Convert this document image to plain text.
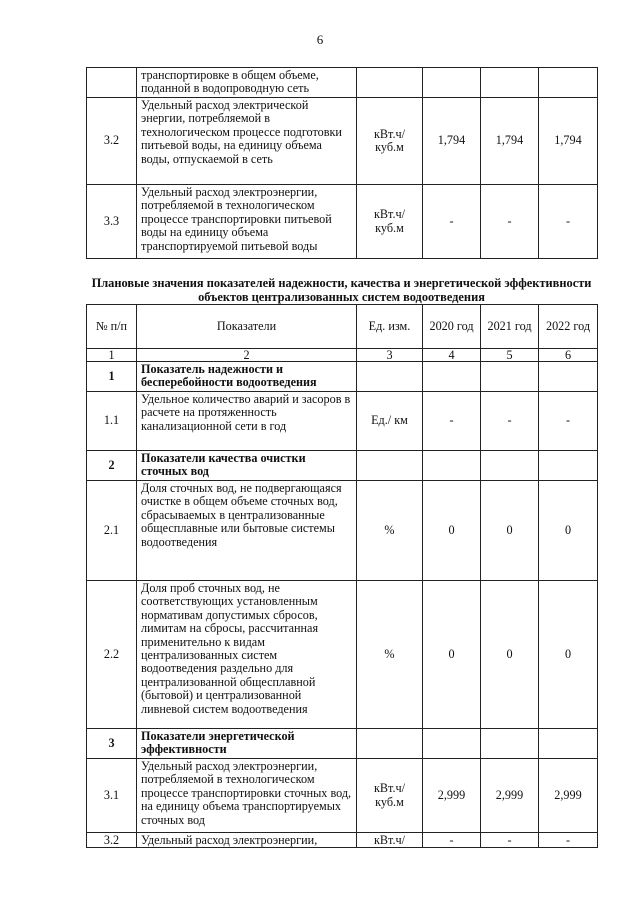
6
	транспортировке в общем объеме, поданной в водопроводную сеть				
3.2	Удельный расход электрической энергии, потребляемой в технологическом процессе подготовки питьевой воды, на единицу объема воды, отпускаемой в сеть	кВт.ч/ куб.м	1,794	1,794	1,794
3.3	Удельный расход электроэнергии, потребляемой в технологическом процессе транспортировки питьевой воды на единицу объема транспортируемой питьевой воды	кВт.ч/ куб.м	-	-	-
Плановые значения показателей надежности, качества и энергетической эффективности объектов централизованных систем водоотведения
№ п/п	Показатели	Ед. изм.	2020 год	2021 год	2022 год
1	2	3	4	5	6
1	Показатель надежности и бесперебойности водоотведения				
1.1	Удельное количество аварий и засоров в расчете на протяженность канализационной сети в год	Ед./ км	-	-	-
2	Показатели качества очистки сточных вод				
2.1	Доля сточных вод, не подвергающаяся очистке в общем объеме сточных вод, сбрасываемых в централизованные общесплавные или бытовые системы водоотведения	%	0	0	0
2.2	Доля проб сточных вод, не соответствующих установленным нормативам допустимых сбросов, лимитам на сбросы, рассчитанная применительно к видам централизованных систем водоотведения раздельно для централизованной общесплавной (бытовой) и централизованной ливневой систем водоотведения	%	0	0	0
3	Показатели энергетической эффективности				
3.1	Удельный расход электроэнергии, потребляемой в технологическом процессе транспортировки сточных вод, на единицу объема транспортируемых сточных вод	кВт.ч/ куб.м	2,999	2,999	2,999
3.2	Удельный расход электроэнергии,	кВт.ч/	-	-	-
